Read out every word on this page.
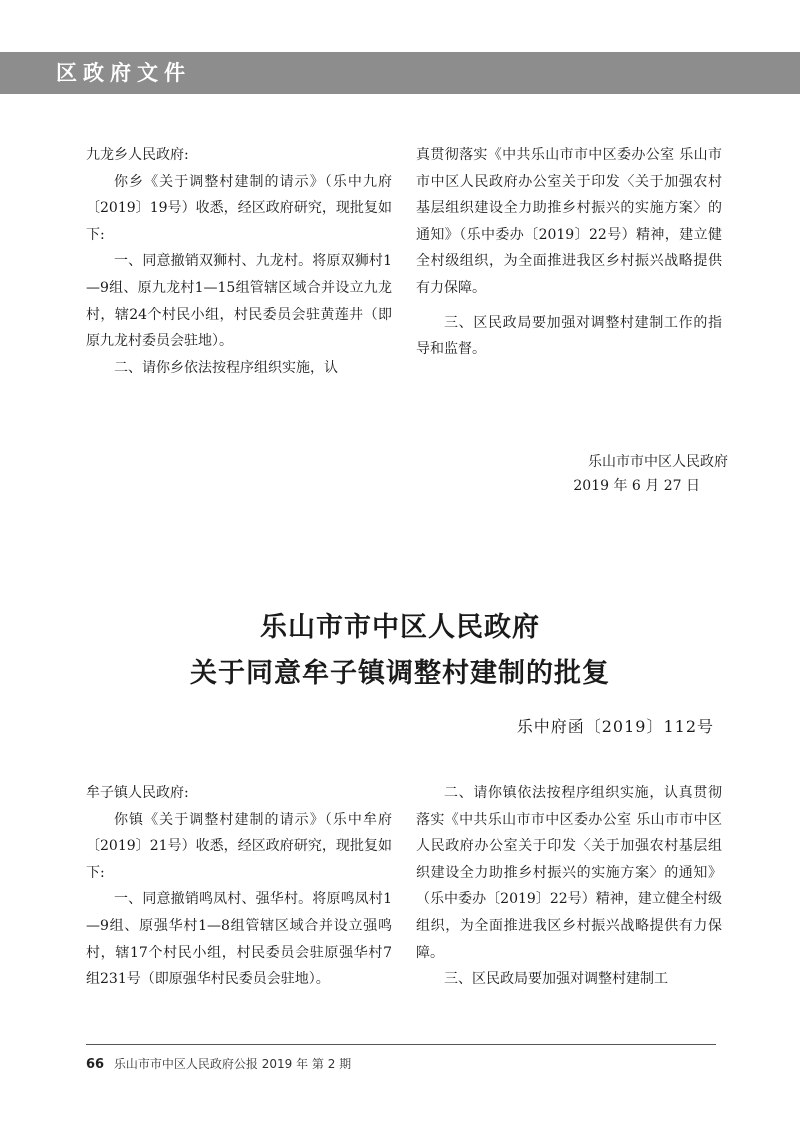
区政府文件

九龙乡人民政府:

你乡《关于调整村建制的请示》（乐中九府〔2019〕19号）收悉，经区政府研究，现批复如下:

一、同意撤销双狮村、九龙村。将原双狮村1—9组、原九龙村1—15组管辖区域合并设立九龙村，辖24个村民小组，村民委员会驻黄莲井（即原九龙村委员会驻地）。

二、请你乡依法按程序组织实施，认

真贯彻落实《中共乐山市市中区委办公室 乐山市市中区人民政府办公室关于印发〈关于加强农村基层组织建设全力助推乡村振兴的实施方案〉的通知》（乐中委办〔2019〕22号）精神，建立健全村级组织，为全面推进我区乡村振兴战略提供有力保障。

三、区民政局要加强对调整村建制工作的指导和监督。

乐山市市中区人民政府
2019 年 6 月 27 日
乐山市市中区人民政府
关于同意牟子镇调整村建制的批复
乐中府函〔2019〕112号

牟子镇人民政府:

你镇《关于调整村建制的请示》（乐中牟府〔2019〕21号）收悉，经区政府研究，现批复如下:

一、同意撤销鸣凤村、强华村。将原鸣凤村1—9组、原强华村1—8组管辖区域合并设立强鸣村，辖17个村民小组，村民委员会驻原强华村7组231号（即原强华村民委员会驻地）。

二、请你镇依法按程序组织实施，认真贯彻落实《中共乐山市市中区委办公室 乐山市市中区人民政府办公室关于印发〈关于加强农村基层组织建设全力助推乡村振兴的实施方案〉的通知》（乐中委办〔2019〕22号）精神，建立健全村级组织，为全面推进我区乡村振兴战略提供有力保障。

三、区民政局要加强对调整村建制工

66 乐山市市中区人民政府公报 2019 年 第 2 期
